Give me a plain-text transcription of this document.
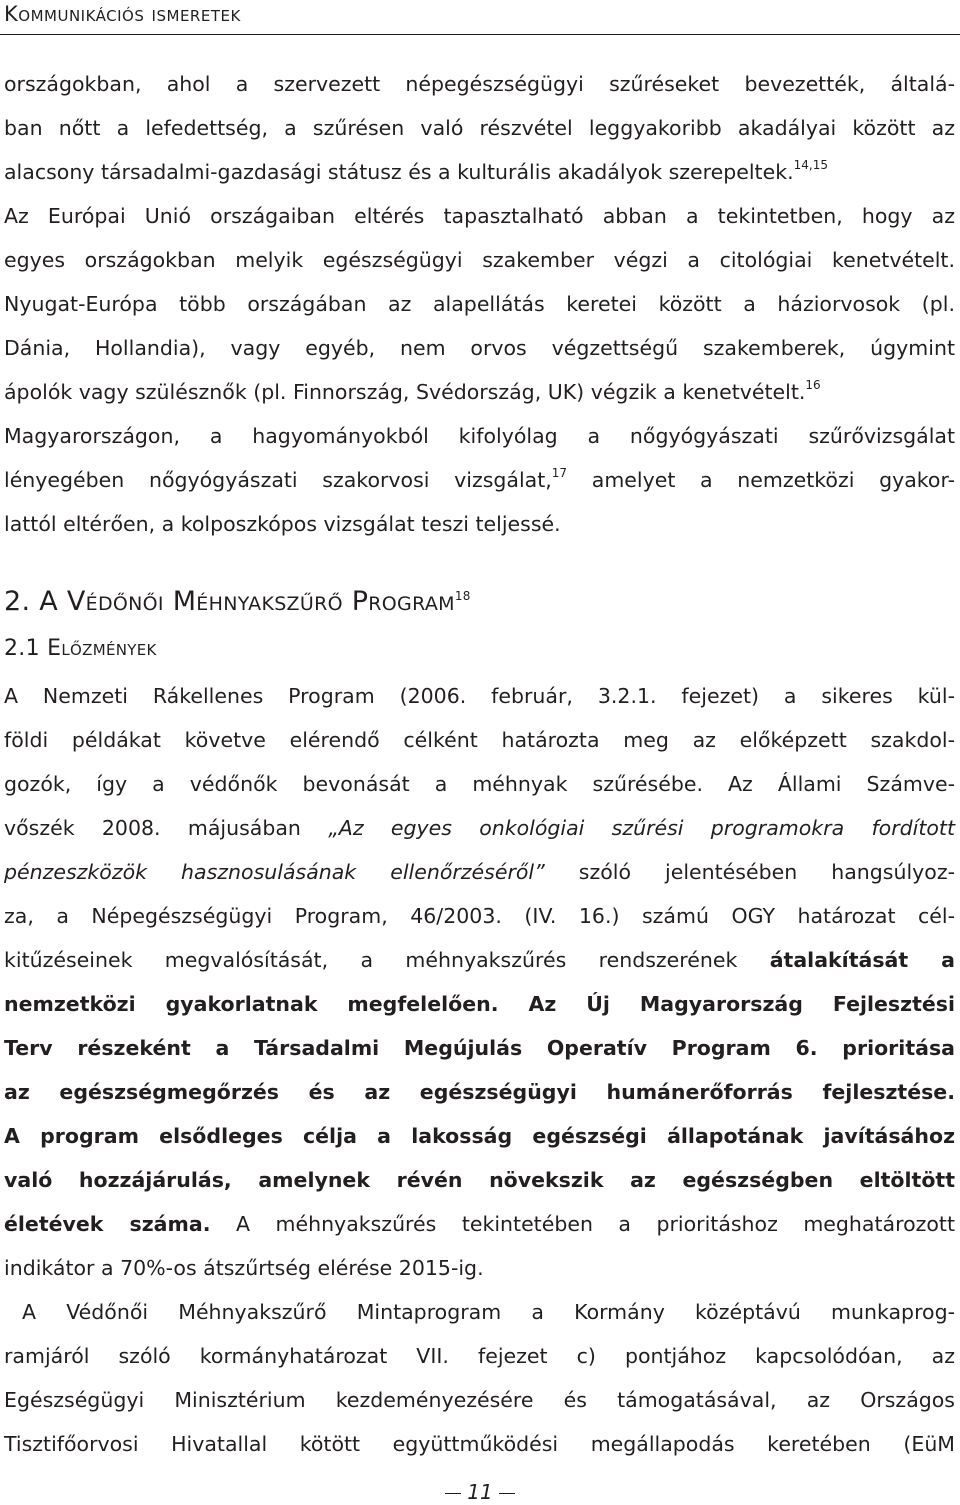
Kommunikációs ismeretek
országokban, ahol a szervezett népegészségügyi szűréseket bevezették, általá-
ban nőtt a lefedettség, a szűrésen való részvétel leggyakoribb akadályai között az
alacsony társadalmi-gazdasági státusz és a kulturális akadályok szerepeltek.$^{14,15}$
Az Európai Unió országaiban eltérés tapasztalható abban a tekintetben, hogy az
egyes országokban melyik egészségügyi szakember végzi a citológiai kenetvételt.
Nyugat-Európa több országában az alapellátás keretei között a háziorvosok (pl.
Dánia, Hollandia), vagy egyéb, nem orvos végzettségű szakemberek, úgymint
ápolók vagy szülésznők (pl. Finnország, Svédország, UK) végzik a kenetvételt.$^{16}$
Magyarországon, a hagyományokból kifolyólag a nőgyógyászati szűrővizsgálat
lényegében nőgyógyászati szakorvosi vizsgálat,$^{17}$ amelyet a nemzetközi gyakor-
lattól eltérően, a kolposzkópos vizsgálat teszi teljessé.
2. A Védőnői Méhnyakszűrő Program$^{18}$
2.1 Előzmények
A Nemzeti Rákellenes Program (2006. február, 3.2.1. fejezet) a sikeres kül-
földi példákat követve elérendő célként határozta meg az előképzett szakdol-
gozók, így a védőnők bevonását a méhnyak szűrésébe. Az Állami Számve-
vőszék 2008. májusában „Az egyes onkológiai szűrési programokra fordított
pénzeszközök hasznosulásának ellenőrzéséről” szóló jelentésében hangsúlyoz-
za, a Népegészségügyi Program, 46/2003. (IV. 16.) számú OGY határozat cél-
kitűzéseinek megvalósítását, a méhnyakszűrés rendszerének átalakítását a
nemzetközi gyakorlatnak megfelelően. Az Új Magyarország Fejlesztési
Terv részeként a Társadalmi Megújulás Operatív Program 6. prioritása
az egészségmegőrzés és az egészségügyi humánerőforrás fejlesztése.
A program elsődleges célja a lakosság egészségi állapotának javításához
való hozzájárulás, amelynek révén növekszik az egészségben eltöltött
életévek száma. A méhnyakszűrés tekintetében a prioritáshoz meghatározott
indikátor a 70%-os átszűrtség elérése 2015-ig.
A Védőnői Méhnyakszűrő Mintaprogram a Kormány középtávú munkaprog-
ramjáról szóló kormányhatározat VII. fejezet c) pontjához kapcsolódóan, az
Egészségügyi Minisztérium kezdeményezésére és támogatásával, az Országos
Tisztifőorvosi Hivatallal kötött együttműködési megállapodás keretében (EüM
11
